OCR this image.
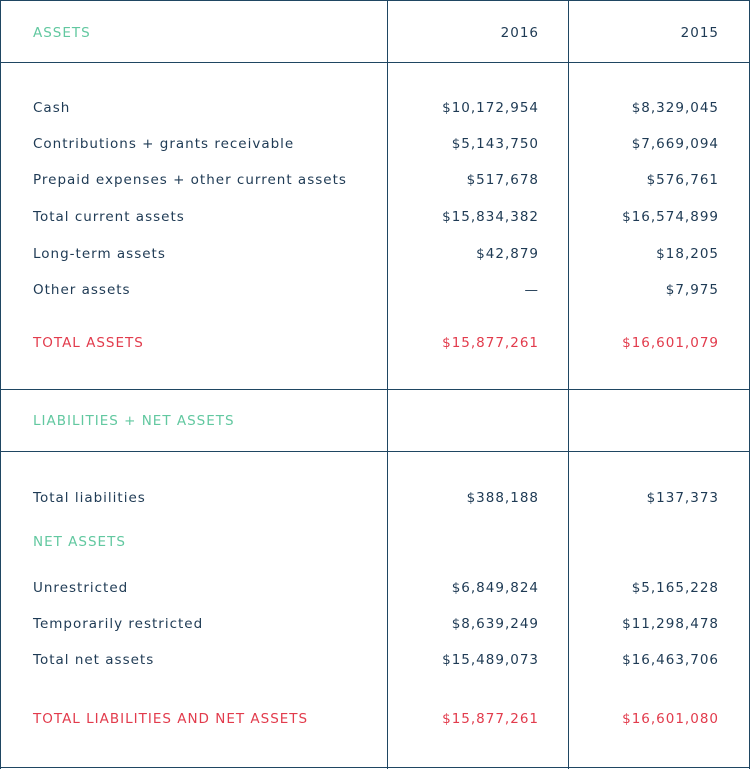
ASSETS	2016	2015
Cash	$10,172,954	$8,329,045
Contributions + grants receivable	$5,143,750	$7,669,094
Prepaid expenses + other current assets	$517,678	$576,761
Total current assets	$15,834,382	$16,574,899
Long-term assets	$42,879	$18,205
Other assets	—	$7,975
TOTAL ASSETS	$15,877,261	$16,601,079
LIABILITIES + NET ASSETS
Total liabilities	$388,188	$137,373
NET ASSETS
Unrestricted	$6,849,824	$5,165,228
Temporarily restricted	$8,639,249	$11,298,478
Total net assets	$15,489,073	$16,463,706
TOTAL LIABILITIES AND NET ASSETS	$15,877,261	$16,601,080
